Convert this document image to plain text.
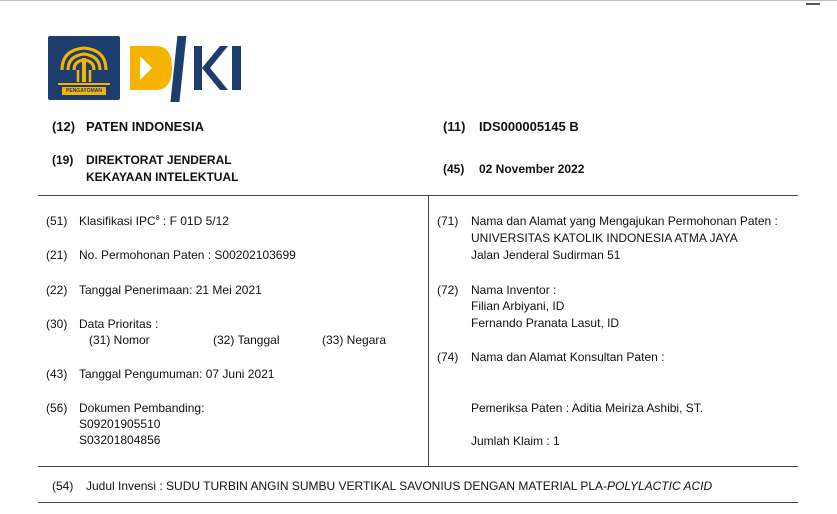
PENGAYOMAN
(12) PATEN INDONESIA	(11) IDS000005145 B
(19) DIREKTORAT JENDERAL
KEKAYAAN INTELEKTUAL
(45) 02 November 2022
(51) Klasifikasi IPC$^8$ : F 01D 5/12
(21) No. Permohonan Paten : S00202103699
(22) Tanggal Penerimaan: 21 Mei 2021
(30) Data Prioritas :
(31) Nomor	(32) Tanggal	(33) Negara
(43) Tanggal Pengumuman: 07 Juni 2021
(56) Dokumen Pembanding:
S09201905510
S03201804856
(71) Nama dan Alamat yang Mengajukan Permohonan Paten :
UNIVERSITAS KATOLIK INDONESIA ATMA JAYA
Jalan Jenderal Sudirman 51
(72) Nama Inventor :
Filian Arbiyani, ID
Fernando Pranata Lasut, ID
(74) Nama dan Alamat Konsultan Paten :
Pemeriksa Paten : Aditia Meiriza Ashibi, ST.
Jumlah Klaim : 1
(54) Judul Invensi : SUDU TURBIN ANGIN SUMBU VERTIKAL SAVONIUS DENGAN MATERIAL PLA-POLYLACTIC ACID
